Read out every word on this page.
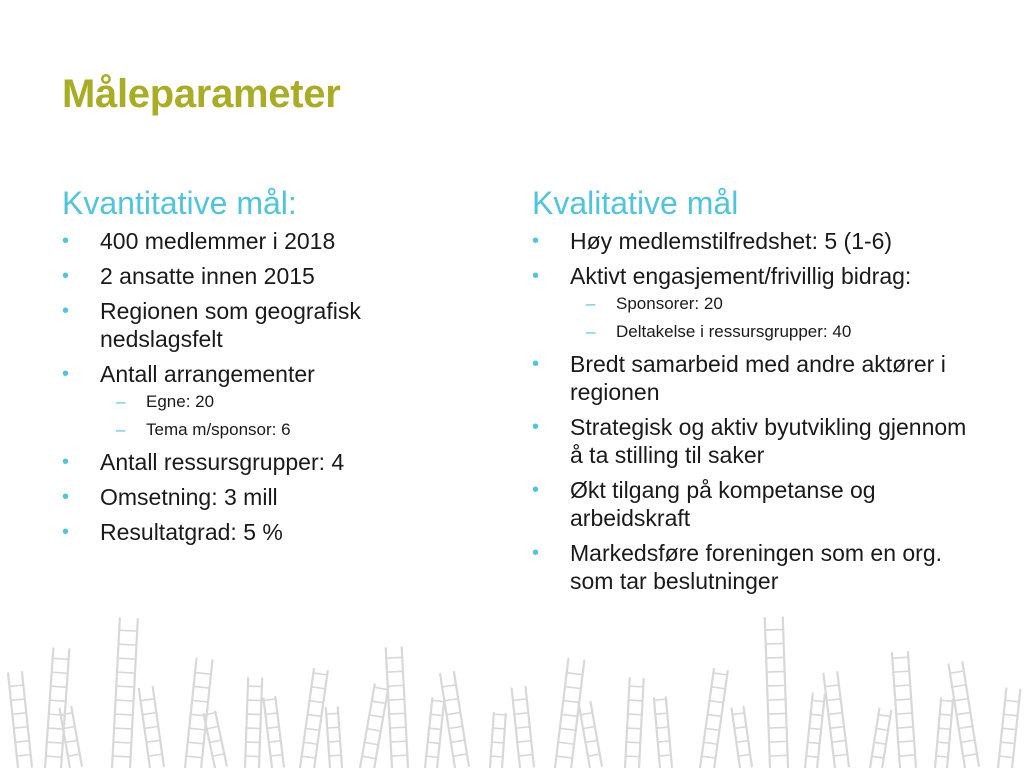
Måleparameter
Kvantitative mål:
• 400 medlemmer i 2018
• 2 ansatte innen 2015
• Regionen som geografisk nedslagsfelt
• Antall arrangementer
– Egne: 20
– Tema m/sponsor: 6
• Antall ressursgrupper: 4
• Omsetning: 3 mill
• Resultatgrad: 5 %
Kvalitative mål
• Høy medlemstilfredshet: 5 (1-6)
• Aktivt engasjement/frivillig bidrag:
– Sponsorer: 20
– Deltakelse i ressursgrupper: 40
• Bredt samarbeid med andre aktører i regionen
• Strategisk og aktiv byutvikling gjennom å ta stilling til saker
• Økt tilgang på kompetanse og arbeidskraft
• Markedsføre foreningen som en org. som tar beslutninger
